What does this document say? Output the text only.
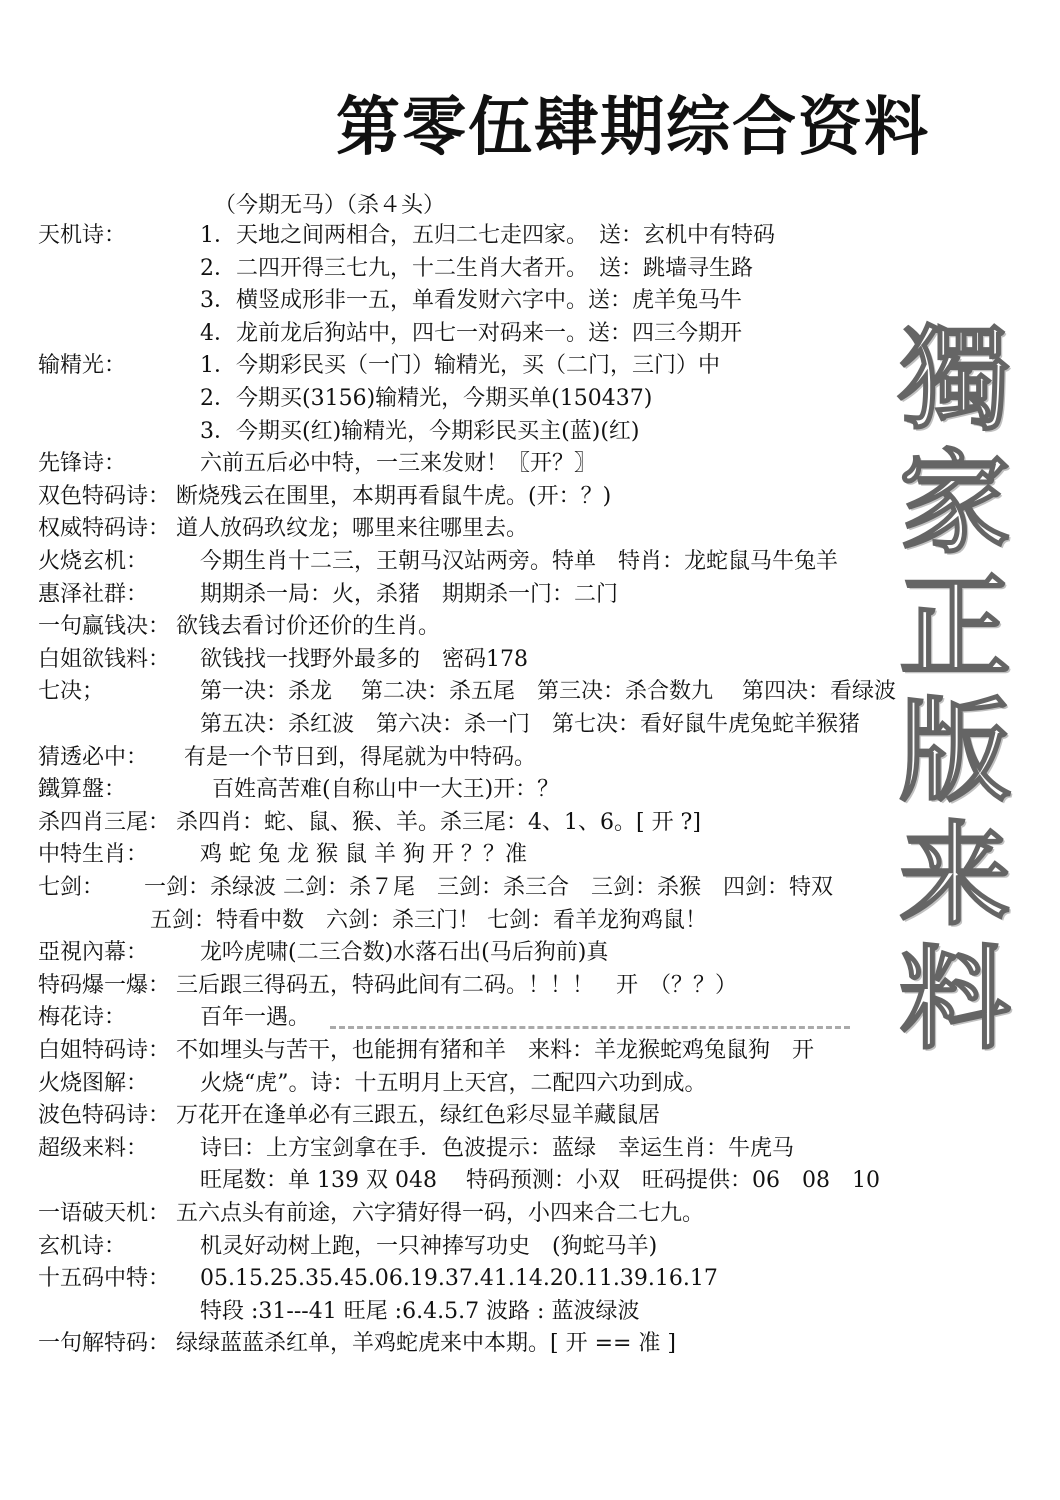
第零伍肆期综合资料
（今期无马）（杀４头）
天机诗：	1．天地之间两相合，五归二七走四家。　送：玄机中有特码
2．二四开得三七九，十二生肖大者开。　送：跳墙寻生路
3．横竖成形非一五，单看发财六字中。送：虎羊兔马牛
4．龙前龙后狗站中，四七一对码来一。送：四三今期开
输精光：	1．今期彩民买（一门）输精光，买（二门，三门）中
2．今期买(3156)输精光，今期买单(150437)
3．今期买(红)输精光，今期彩民买主(蓝)(红)
先锋诗：	六前五后必中特，一三来发财！〖开？〗
双色特码诗： 断烧残云在围里，本期再看鼠牛虎。(开：？)
权威特码诗： 道人放码玖纹龙；哪里来往哪里去。
火烧玄机： 今期生肖十二三，王朝马汉站两旁。特单　特肖：龙蛇鼠马牛兔羊
惠泽社群： 期期杀一局：火，杀猪　期期杀一门：二门
一句赢钱决： 欲钱去看讨价还价的生肖。
白姐欲钱料： 欲钱找一找野外最多的　密码178
七决；	第一决：杀龙　 第二决：杀五尾　第三决：杀合数九　 第四决：看绿波
第五决：杀红波　第六决：杀一门　第七决：看好鼠牛虎兔蛇羊猴猪
猜透必中： 有是一个节日到，得尾就为中特码。
鐵算盤：	百姓高苦难(自称山中一大王)开：？
杀四肖三尾： 杀四肖：蛇、鼠、猴、羊。杀三尾：4、1、6。[ 开 ?]
中特生肖： 鸡 蛇 兔 龙 猴 鼠 羊 狗 开 ？？准
七剑： 一剑：杀绿波 二剑：杀７尾　三剑：杀三合　三剑：杀猴　四剑：特双
五剑：特看中数　六剑：杀三门！ 七剑：看羊龙狗鸡鼠！
亞視內幕： 龙吟虎啸(二三合数)水落石出(马后狗前)真
特码爆一爆： 三后跟三得码五，特码此间有二码。！！！　开　（？？）
梅花诗：	百年一遇。
白姐特码诗： 不如埋头与苦干，也能拥有猪和羊　来料：羊龙猴蛇鸡兔鼠狗　开
火烧图解： 火烧“虎”。诗：十五明月上天宫，二配四六功到成。
波色特码诗： 万花开在逢单必有三跟五，绿红色彩尽显羊藏鼠居
超级来料： 诗曰：上方宝剑拿在手．色波提示：蓝绿　幸运生肖：牛虎马
旺尾数：单 139 双 048　 特码预测：小双　旺码提供：06　08　10
一语破天机： 五六点头有前途，六字猜好得一码，小四来合二七九。
玄机诗：	机灵好动树上跑，一只神捧写功史　(狗蛇马羊)
十五码中特： 05.15.25.35.45.06.19.37.41.14.20.11.39.16.17
特段 :31---41 旺尾 :6.4.5.7 波路 : 蓝波绿波
一句解特码： 绿绿蓝蓝杀红单，羊鸡蛇虎来中本期。[ 开 == 准 ]
獨
家
正
版
来
料
